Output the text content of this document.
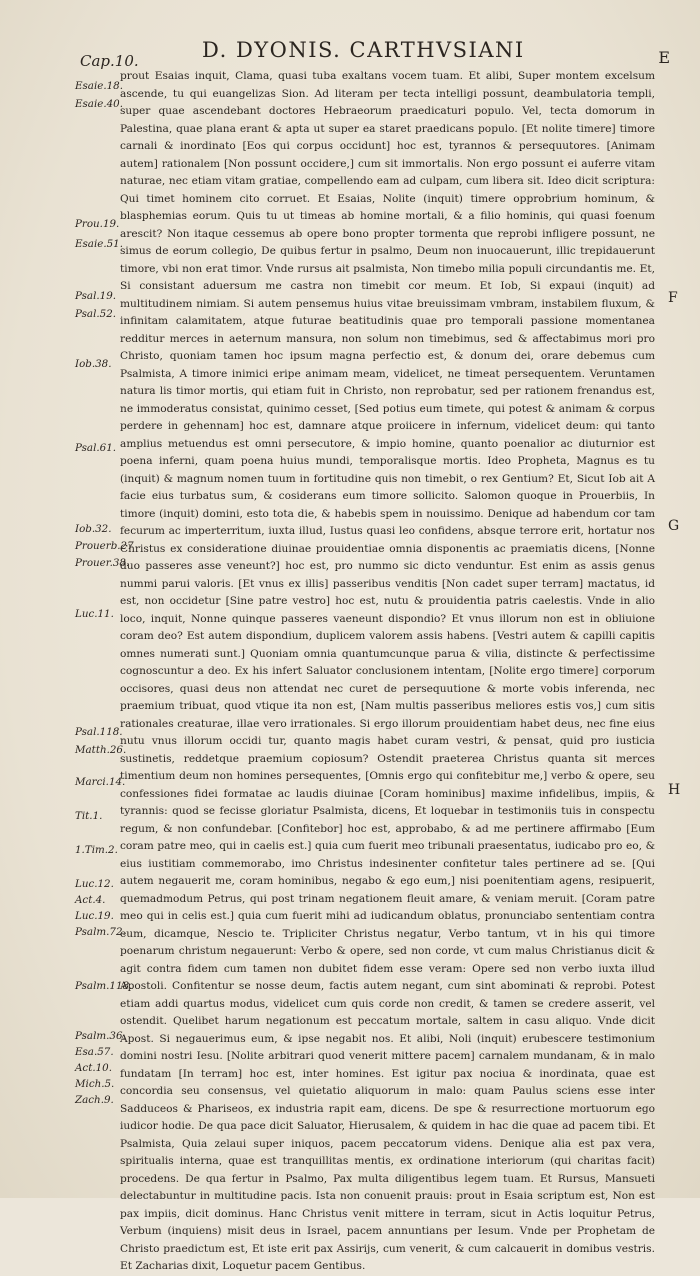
Cap.10.	D. DYONIS. CARTHVSIANI	E
Esaie.18.
Esaie.40.
Prou.19.
Esaie.51.
Psal.19.
Psal.52.
Iob.38.
Psal.61.
Iob.32.
Prouerb.27
Prouer.38.
Luc.11.
Psal.118.
Matth.26.
Marci.14.
Tit.1.
1.Tim.2.
Luc.12.
Act.4.
Luc.19.
Psalm.72.
Psalm.118.
Psalm.36.
Esa.57.
Act.10.
Mich.5.
Zach.9.

prout Esaias inquit, Clama, quasi tuba exaltans vocem tuam. Et alibi, Super montem excelsum ascende, tu qui euangelizas Sion. Ad literam per tecta intelligi possunt, deambulatoria templi, super quae ascendebant doctores Hebraeorum praedicaturi populo. Vel, tecta domorum in Palestina, quae plana erant & apta ut super ea staret praedicans populo. [Et nolite timere] timore carnali & inordinato [Eos qui corpus occidunt] hoc est, tyrannos & persequutores. [Animam autem] rationalem [Non possunt occidere,] cum sit immortalis. Non ergo possunt ei auferre vitam naturae, nec etiam vitam gratiae, compellendo eam ad culpam, cum libera sit. Ideo dicit scriptura: Qui timet hominem cito corruet. Et Esaias, Nolite (inquit) timere opprobrium hominum, & blasphemias eorum. Quis tu ut timeas ab homine mortali, & a filio hominis, qui quasi foenum arescit? Non itaque cessemus ab opere bono propter tormenta que reprobi infligere possunt, ne simus de eorum collegio, De quibus fertur in psalmo, Deum non inuocauerunt, illic trepidauerunt timore, vbi non erat timor. Vnde rursus ait psalmista, Non timebo milia populi circundantis me. Et, Si consistant aduersum me castra non timebit cor meum. Et Iob, Si expaui (inquit) ad multitudinem nimiam. Si autem pensemus huius vitae breuissimam vmbram, instabilem fluxum, & infinitam calamitatem, atque futurae beatitudinis quae pro temporali passione momentanea redditur merces in aeternum mansura, non solum non timebimus, sed & affectabimus mori pro Christo, quoniam tamen hoc ipsum magna perfectio est, & donum dei, orare debemus cum Psalmista, A timore inimici eripe animam meam, videlicet, ne timeat persequentem. Veruntamen natura lis timor mortis, qui etiam fuit in Christo, non reprobatur, sed per rationem frenandus est, ne immoderatus consistat, quinimo cesset, [Sed potius eum timete, qui potest & animam & corpus perdere in gehennam] hoc est, damnare atque proiicere in infernum, videlicet deum: qui tanto amplius metuendus est omni persecutore, & impio homine, quanto poenalior ac diuturnior est poena inferni, quam poena huius mundi, temporalisque mortis. Ideo Propheta, Magnus es tu (inquit) & magnum nomen tuum in fortitudine quis non timebit, o rex Gentium? Et, Sicut Iob ait A facie eius turbatus sum, & cosiderans eum timore sollicito. Salomon quoque in Prouerbiis, In timore (inquit) domini, esto tota die, & habebis spem in nouissimo. Denique ad habendum cor tam fecurum ac imperterritum, iuxta illud, Iustus quasi leo confidens, absque terrore erit, hortatur nos Christus ex consideratione diuinae prouidentiae omnia disponentis ac praemiatis dicens, [Nonne duo passeres asse veneunt?] hoc est, pro nummo sic dicto venduntur. Est enim as assis genus nummi parui valoris. [Et vnus ex illis] passeribus venditis [Non cadet super terram] mactatus, id est, non occidetur [Sine patre vestro] hoc est, nutu & prouidentia patris caelestis. Vnde in alio loco, inquit, Nonne quinque passeres vaeneunt dispondio? Et vnus illorum non est in obliuione coram deo? Est autem dispondium, duplicem valorem assis habens. [Vestri autem & capilli capitis omnes numerati sunt.] Quoniam omnia quantumcunque parua & vilia, distincte & perfectissime cognoscuntur a deo. Ex his infert Saluator conclusionem intentam, [Nolite ergo timere] corporum occisores, quasi deus non attendat nec curet de persequutione & morte vobis inferenda, nec praemium tribuat, quod vtique ita non est, [Nam multis passeribus meliores estis vos,] cum sitis rationales creaturae, illae vero irrationales. Si ergo illorum prouidentiam habet deus, nec fine eius nutu vnus illorum occidi tur, quanto magis habet curam vestri, & pensat, quid pro iusticia sustinetis, reddetque praemium copiosum? Ostendit praeterea Christus quanta sit merces timentium deum non homines persequentes, [Omnis ergo qui confitebitur me,] verbo & opere, seu confessiones fidei formatae ac laudis diuinae [Coram hominibus] maxime infidelibus, impiis, & tyrannis: quod se fecisse gloriatur Psalmista, dicens, Et loquebar in testimoniis tuis in conspectu regum, & non confundebar. [Confitebor] hoc est, approbabo, & ad me pertinere affirmabo [Eum coram patre meo, qui in caelis est.] quia cum fuerit meo tribunali praesentatus, iudicabo pro eo, & eius iustitiam commemorabo, imo Christus indesinenter confitetur tales pertinere ad se. [Qui autem negauerit me, coram hominibus, negabo & ego eum,] nisi poenitentiam agens, resipuerit, quemadmodum Petrus, qui post trinam negationem fleuit amare, & veniam meruit. [Coram patre meo qui in celis est.] quia cum fuerit mihi ad iudicandum oblatus, pronunciabo sententiam contra eum, dicamque, Nescio te. Tripliciter Christus negatur, Verbo tantum, vt in his qui timore poenarum christum negauerunt: Verbo & opere, sed non corde, vt cum malus Christianus dicit & agit contra fidem cum tamen non dubitet fidem esse veram: Opere sed non verbo iuxta illud Apostoli. Confitentur se nosse deum, factis autem negant, cum sint abominati & reprobi. Potest etiam addi quartus modus, videlicet cum quis corde non credit, & tamen se credere asserit, vel ostendit. Quelibet harum negationum est peccatum mortale, saltem in casu aliquo. Vnde dicit Apost. Si negauerimus eum, & ipse negabit nos. Et alibi, Noli (inquit) erubescere testimonium domini nostri Iesu. [Nolite arbitrari quod venerit mittere pacem] carnalem mundanam, & in malo fundatam [In terram] hoc est, inter homines. Est igitur pax nociua & inordinata, quae est concordia seu consensus, vel quietatio aliquorum in malo: quam Paulus sciens esse inter Sadduceos & Phariseos, ex industria rapit eam, dicens. De spe & resurrectione mortuorum ego iudicor hodie. De qua pace dicit Saluator, Hierusalem, & quidem in hac die quae ad pacem tibi. Et Psalmista, Quia zelaui super iniquos, pacem peccatorum videns. Denique alia est pax vera, spiritualis interna, quae est tranquillitas mentis, ex ordinatione interiorum (qui charitas facit) procedens. De qua fertur in Psalmo, Pax multa diligentibus legem tuam. Et Rursus, Mansueti delectabuntur in multitudine pacis. Ista non conuenit prauis: prout in Esaia scriptum est, Non est pax impiis, dicit dominus. Hanc Christus venit mittere in terram, sicut in Actis loquitur Petrus, Verbum (inquiens) misit deus in Israel, pacem annuntians per Iesum. Vnde per Prophetam de Christo praedictum est, Et iste erit pax Assirijs, cum venerit, & cum calcauerit in domibus vestris. Et Zacharias dixit, Loquetur pacem Gentibus.

F
G
H
